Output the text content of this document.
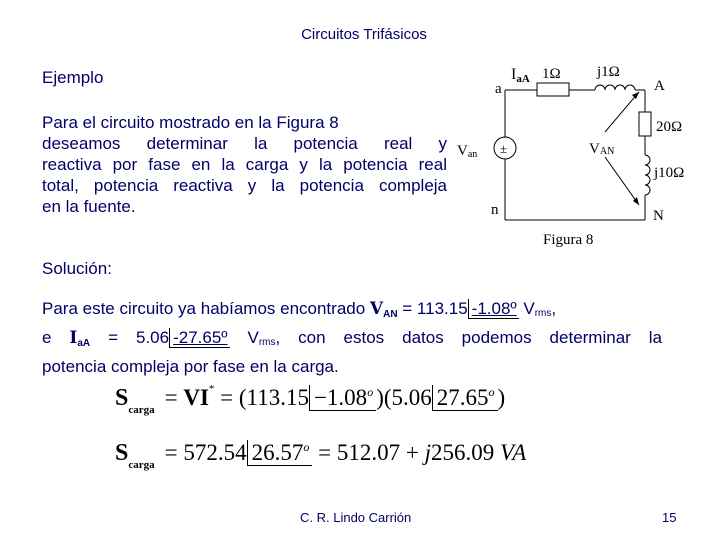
Circuitos Trifásicos
Ejemplo
Para el circuito mostrado en la Figura 8
deseamos determinar la potencia real y
reactiva por fase en la carga y la potencia real
total, potencia reactiva y la potencia compleja
en la fuente.
a
IaA 1Ω j1Ω
A
20Ω
j10Ω
VAN
Van ±
n	N
Figura 8
Solución:
Para este circuito ya habíamos encontrado VAN = 113.15 -1.08º $V_{rms}$,
e IaA = 5.06 -27.65º $V_{rms}$, con estos datos podemos determinar la
potencia compleja por fase en la carga.
$S_{carga} = VI^* = (113.15 -1.08^o$ )(5.06 27.65$^o$ )
$S_{carga} = 572.54$ $26.57^o = 512.07 + j256.09$ VA
C. R. Lindo Carrión	15
